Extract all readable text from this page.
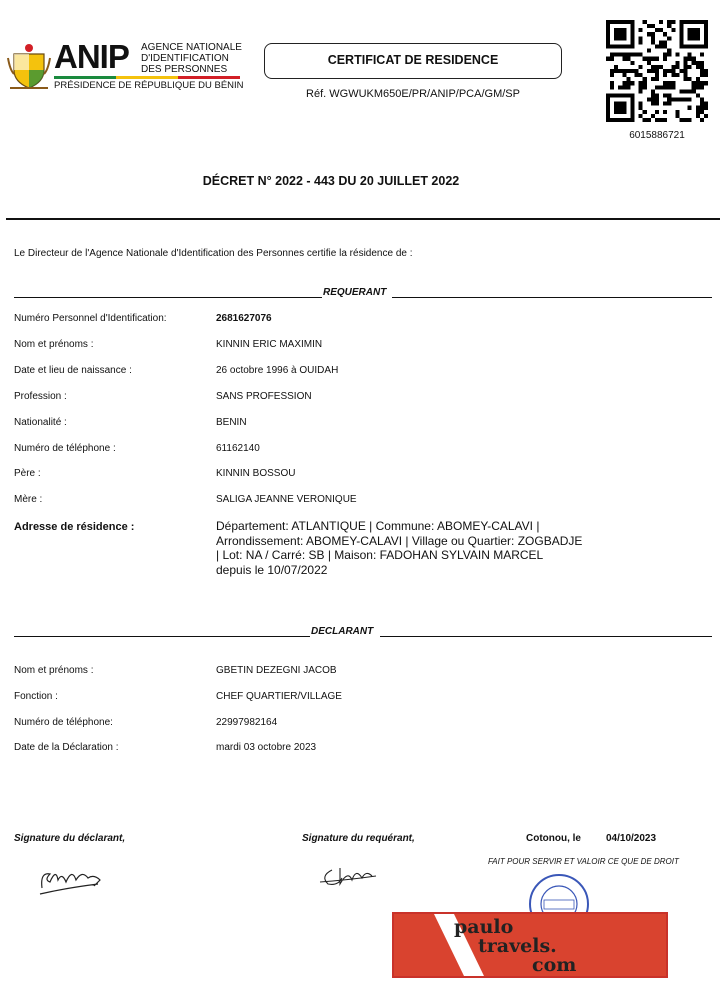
ANIP AGENCE NATIONALE
D'IDENTIFICATION
DES PERSONNES
PRÉSIDENCE DE RÉPUBLIQUE DU BÉNIN
CERTIFICAT DE RESIDENCE
Réf. WGWUKM650E/PR/ANIP/PCA/GM/SP
6015886721
DÉCRET N° 2022 - 443 DU 20 JUILLET 2022
Le Directeur de l'Agence Nationale d'Identification des Personnes certifie la résidence de :
REQUERANT
Numéro Personnel d'Identification:	2681627076
Nom et prénoms :	KINNIN ERIC MAXIMIN
Date et lieu de naissance :	26 octobre 1996 à OUIDAH
Profession :	SANS PROFESSION
Nationalité :	BENIN
Numéro de téléphone :	61162140
Père :	KINNIN BOSSOU
Mère :	SALIGA JEANNE VERONIQUE
Adresse de résidence :	Département: ATLANTIQUE | Commune: ABOMEY-CALAVI |
Arrondissement: ABOMEY-CALAVI | Village ou Quartier: ZOGBADJE
| Lot: NA / Carré: SB | Maison: FADOHAN SYLVAIN MARCEL
depuis le 10/07/2022
DECLARANT
Nom et prénoms :	GBETIN DEZEGNI JACOB
Fonction :	CHEF QUARTIER/VILLAGE
Numéro de téléphone:	22997982164
Date de la Déclaration :	mardi 03 octobre 2023
Signature du déclarant,	Signature du requérant,	Cotonou, le	04/10/2023
FAIT POUR SERVIR ET VALOIR CE QUE DE DROIT
paulo
travels.
com
